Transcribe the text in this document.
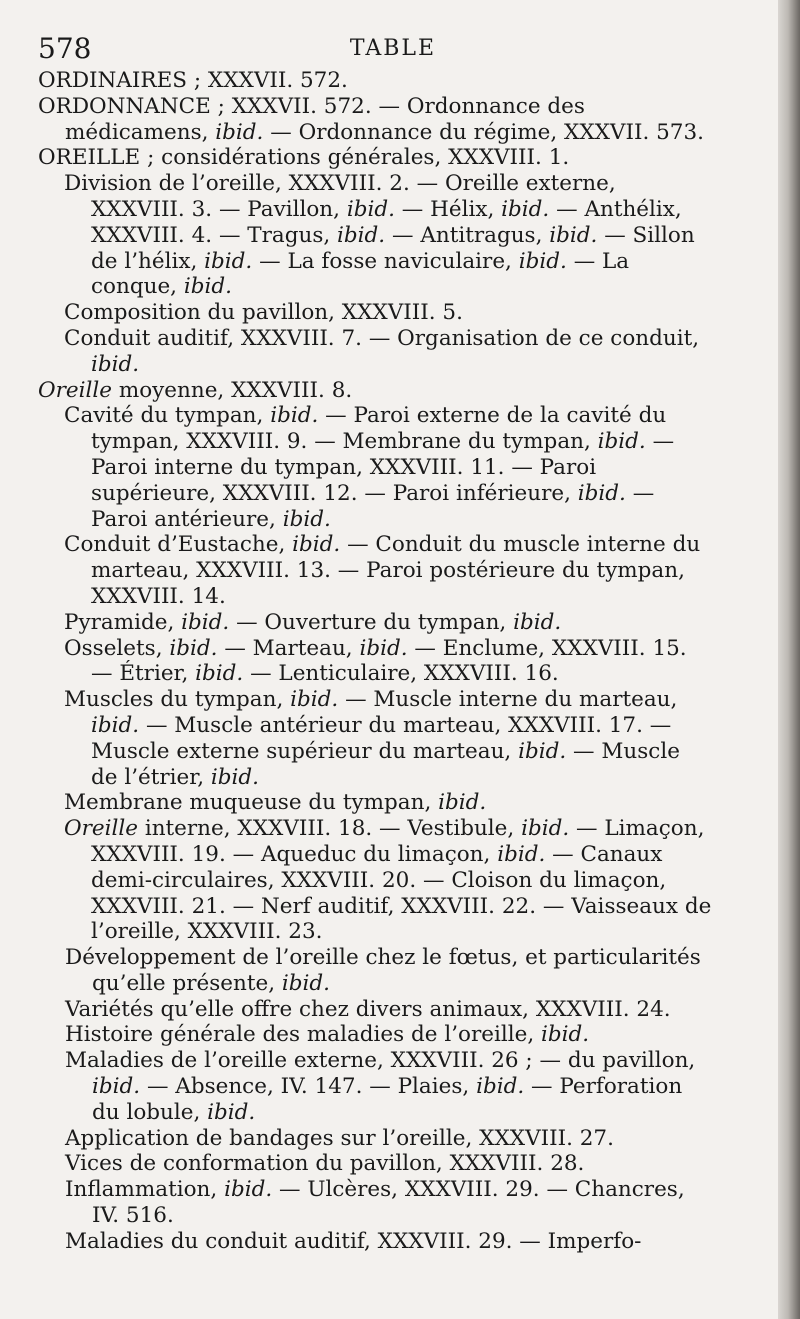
578	TABLE

ORDINAIRES ; XXXVII. 572.

ORDONNANCE ; XXXVII. 572. — Ordonnance des médicamens, ibid. — Ordonnance du régime, XXXVII. 573.

OREILLE ; considérations générales, XXXVIII. 1.

Division de l’oreille, XXXVIII. 2. — Oreille externe, XXXVIII. 3. — Pavillon, ibid. — Hélix, ibid. — Anthélix, XXXVIII. 4. — Tragus, ibid. — Antitragus, ibid. — Sillon de l’hélix, ibid. — La fosse naviculaire, ibid. — La conque, ibid.

Composition du pavillon, XXXVIII. 5.

Conduit auditif, XXXVIII. 7. — Organisation de ce conduit, ibid.

Oreille moyenne, XXXVIII. 8.

Cavité du tympan, ibid. — Paroi externe de la cavité du tympan, XXXVIII. 9. — Membrane du tympan, ibid. — Paroi interne du tympan, XXXVIII. 11. — Paroi supérieure, XXXVIII. 12. — Paroi inférieure, ibid. — Paroi antérieure, ibid.

Conduit d’Eustache, ibid. — Conduit du muscle interne du marteau, XXXVIII. 13. — Paroi postérieure du tympan, XXXVIII. 14.

Pyramide, ibid. — Ouverture du tympan, ibid.

Osselets, ibid. — Marteau, ibid. — Enclume, XXXVIII. 15. — Étrier, ibid. — Lenticulaire, XXXVIII. 16.

Muscles du tympan, ibid. — Muscle interne du marteau, ibid. — Muscle antérieur du marteau, XXXVIII. 17. — Muscle externe supérieur du marteau, ibid. — Muscle de l’étrier, ibid.

Membrane muqueuse du tympan, ibid.

Oreille interne, XXXVIII. 18. — Vestibule, ibid. — Limaçon, XXXVIII. 19. — Aqueduc du limaçon, ibid. — Canaux demi-circulaires, XXXVIII. 20. — Cloison du limaçon, XXXVIII. 21. — Nerf auditif, XXXVIII. 22. — Vaisseaux de l’oreille, XXXVIII. 23.

Développement de l’oreille chez le fœtus, et particularités qu’elle présente, ibid.

Variétés qu’elle offre chez divers animaux, XXXVIII. 24.

Histoire générale des maladies de l’oreille, ibid.

Maladies de l’oreille externe, XXXVIII. 26 ; — du pavillon, ibid. — Absence, IV. 147. — Plaies, ibid. — Perforation du lobule, ibid.

Application de bandages sur l’oreille, XXXVIII. 27.

Vices de conformation du pavillon, XXXVIII. 28.

Inflammation, ibid. — Ulcères, XXXVIII. 29. — Chancres, IV. 516.

Maladies du conduit auditif, XXXVIII. 29. — Imperfo-
